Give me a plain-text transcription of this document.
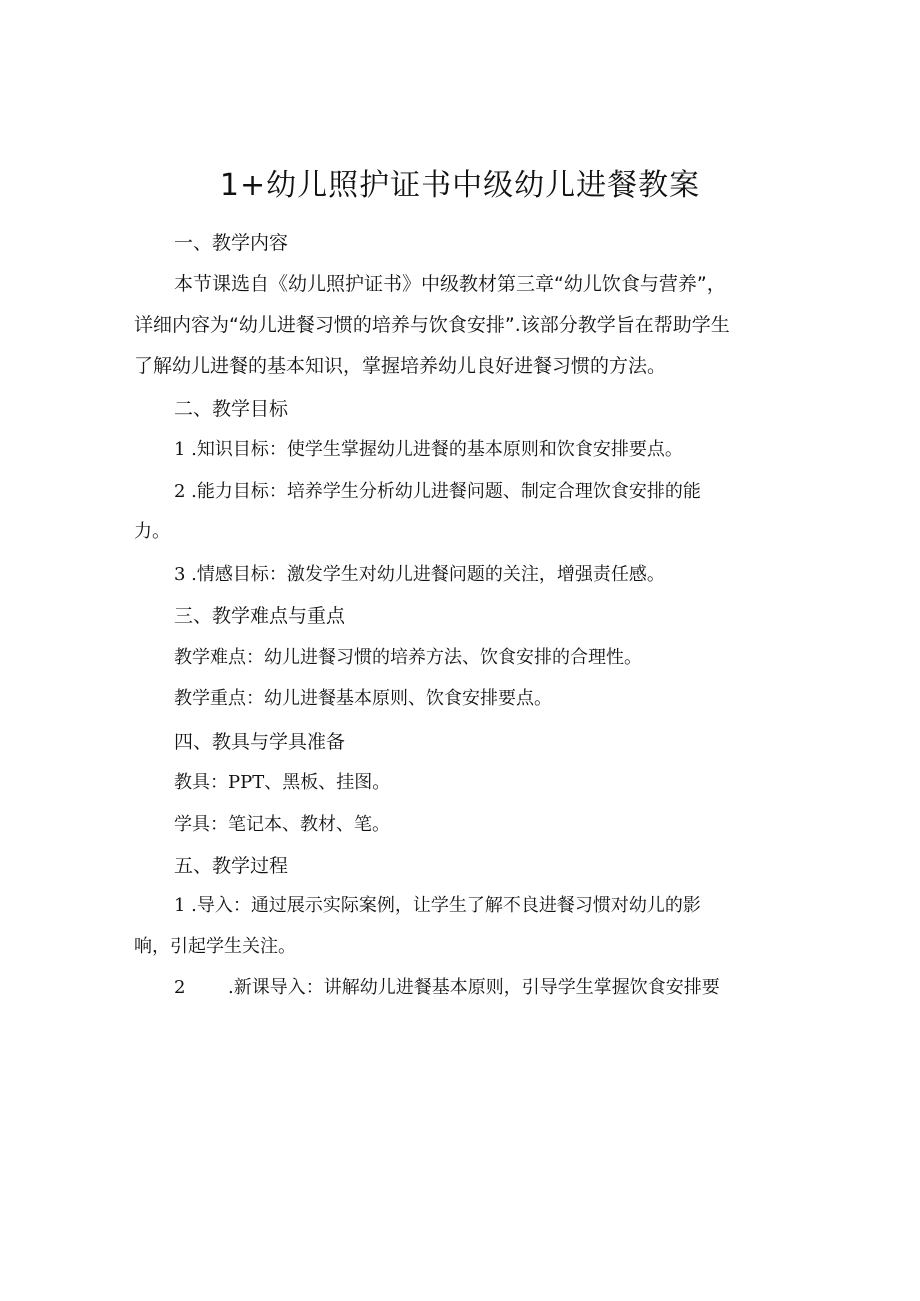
1+幼儿照护证书中级幼儿进餐教案

一、教学内容

本节课选自《幼儿照护证书》中级教材第三章“幼儿饮食与营养”，

详细内容为“幼儿进餐习惯的培养与饮食安排”.该部分教学旨在帮助学生

了解幼儿进餐的基本知识，掌握培养幼儿良好进餐习惯的方法。

二、教学目标

1 .知识目标：使学生掌握幼儿进餐的基本原则和饮食安排要点。

2 .能力目标：培养学生分析幼儿进餐问题、制定合理饮食安排的能

力。

3 .情感目标：激发学生对幼儿进餐问题的关注，增强责任感。

三、教学难点与重点

教学难点：幼儿进餐习惯的培养方法、饮食安排的合理性。

教学重点：幼儿进餐基本原则、饮食安排要点。

四、教具与学具准备

教具：PPT、黑板、挂图。

学具：笔记本、教材、笔。

五、教学过程

1 .导入：通过展示实际案例，让学生了解不良进餐习惯对幼儿的影

响，引起学生关注。

2 .新课导入：讲解幼儿进餐基本原则，引导学生掌握饮食安排要
